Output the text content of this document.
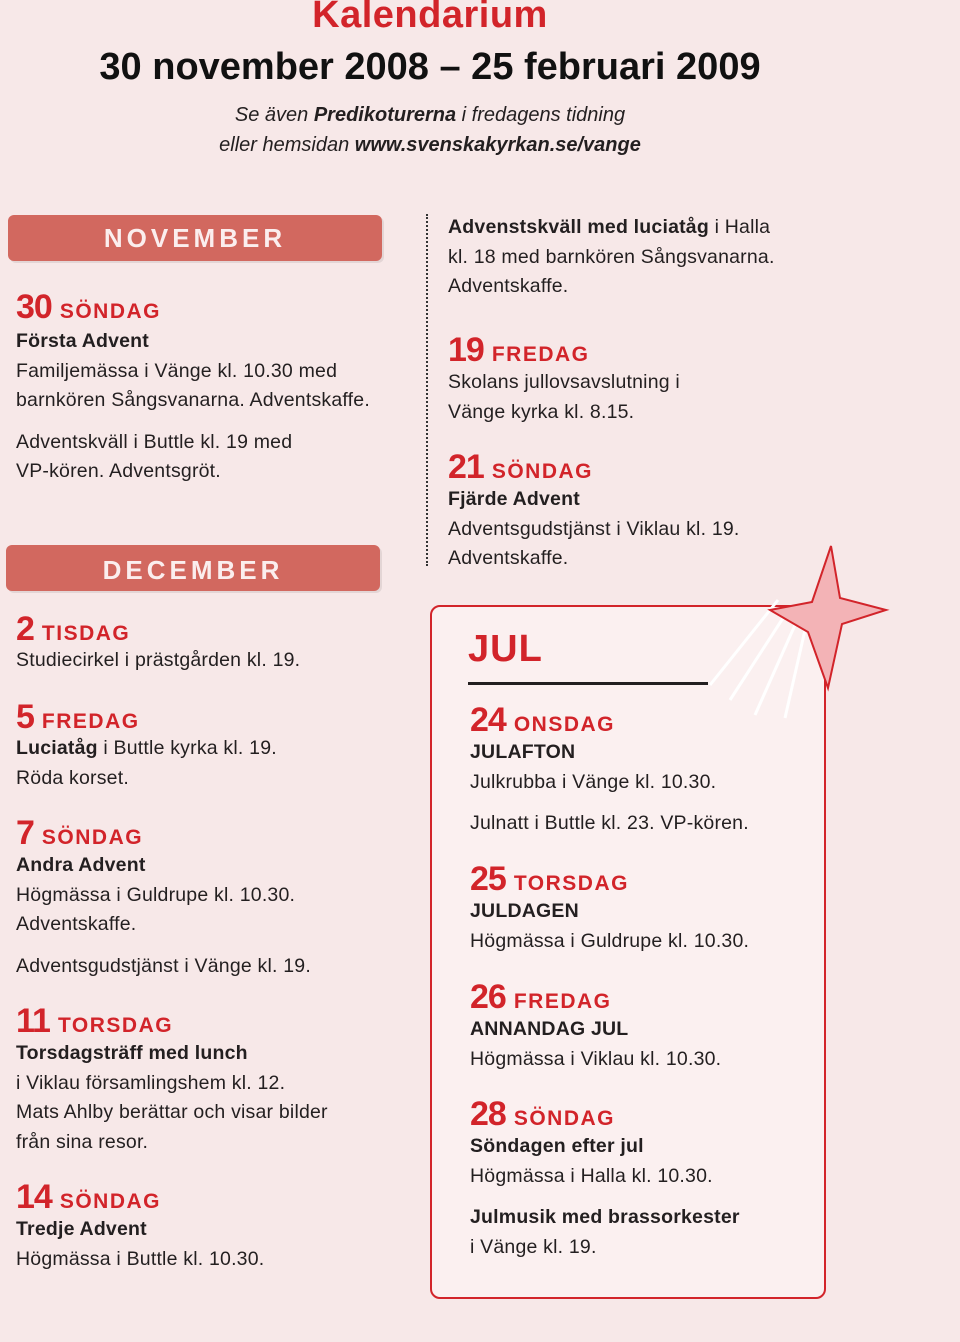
Kalendarium
30 november 2008 – 25 februari 2009
Se även Predikoturerna i fredagens tidning
eller hemsidan www.svenskakyrkan.se/vange
NOVEMBER
30 SÖNDAG
Första Advent
Familjemässa i Vänge kl. 10.30 med
barnkören Sångsvanarna. Adventskaffe.
Adventskväll i Buttle kl. 19 med
VP-kören. Adventsgröt.
DECEMBER
2 TISDAG
Studiecirkel i prästgården kl. 19.
5 FREDAG
Luciatåg i Buttle kyrka kl. 19.
Röda korset.
7 SÖNDAG
Andra Advent
Högmässa i Guldrupe kl. 10.30.
Adventskaffe.
Adventsgudstjänst i Vänge kl. 19.
11 TORSDAG
Torsdagsträff med lunch
i Viklau församlingshem kl. 12.
Mats Ahlby berättar och visar bilder
från sina resor.
14 SÖNDAG
Tredje Advent
Högmässa i Buttle kl. 10.30.
Advenstskväll med luciatåg i Halla
kl. 18 med barnkören Sångsvanarna.
Adventskaffe.
19 FREDAG
Skolans jullovsavslutning i
Vänge kyrka kl. 8.15.
21 SÖNDAG
Fjärde Advent
Adventsgudstjänst i Viklau kl. 19.
Adventskaffe.
JUL
24 ONSDAG
JULAFTON
Julkrubba i Vänge kl. 10.30.
Julnatt i Buttle kl. 23. VP-kören.
25 TORSDAG
JULDAGEN
Högmässa i Guldrupe kl. 10.30.
26 FREDAG
ANNANDAG JUL
Högmässa i Viklau kl. 10.30.
28 SÖNDAG
Söndagen efter jul
Högmässa i Halla kl. 10.30.
Julmusik med brassorkester
i Vänge kl. 19.
